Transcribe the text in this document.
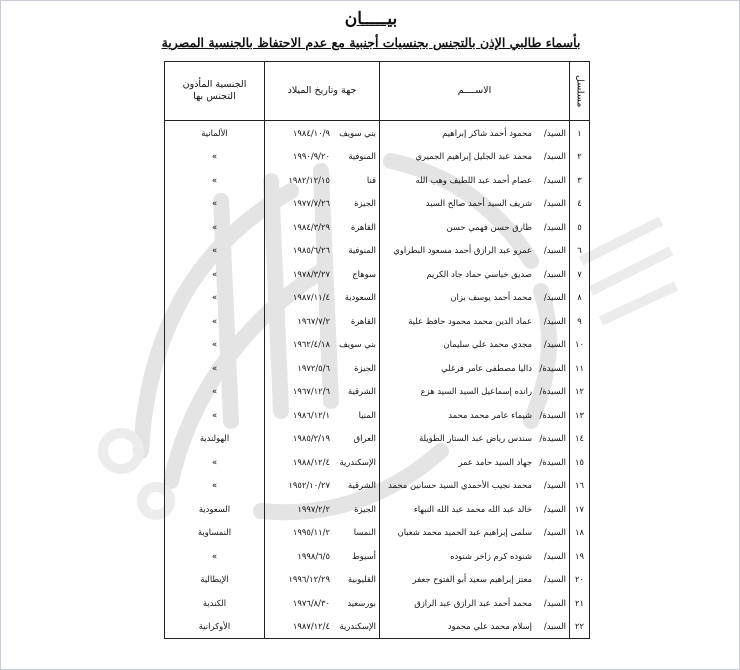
بيـــــان
بأسماء طالبي الإذن بالتجنس بجنسيات أجنبية مع عدم الاحتفاظ بالجنسية المصرية
مسلسل	الاســــم	جهة وتاريخ الميلاد	الجنسية المأذون التجنس بها
١	السيد/محمود أحمد شاكر إبراهيم	بني سويف١٩٨٤/١٠/٩	الألمانية
٢	السيد/محمد عبد الجليل إبراهيم الجميري	المنوفية١٩٩٠/٩/٢٠	»
٣	السيد/عصام أحمد عبد اللطيف وهب الله	قنا١٩٨٢/١٢/١٥	»
٤	السيد/شريف السيد أحمد صالح السيد	الجيزة١٩٧٧/٧/٢٦	»
٥	السيد/طارق حسن فهمي حسن	القاهرة١٩٨٤/٣/٢٩	»
٦	السيد/عمرو عبد الرازق أحمد مسعود البطراوي	المنوفية١٩٨٥/٦/٢٦	»
٧	السيد/صديق خياسي حماد جاد الكريم	سوهاج١٩٧٨/٣/٢٧	»
٨	السيد/محمد أحمد يوسف بزان	السعودية١٩٨٧/١١/٤	»
٩	السيد/عماد الدين محمد محمود حافظ علية	القاهرة١٩٦٧/٧/٢	»
١٠	السيد/مجدي محمد علي سليمان	بني سويف١٩٦٢/٤/١٨	»
١١	السيدة/داليا مصطفى عامر فرغلي	الجيزة١٩٧٢/٥/٦	»
١٢	السيدة/رانده إسماعيل السيد السيد هزع	الشرقية١٩٦٧/١٢/٦	»
١٣	السيدة/شيماء عامر محمد محمد	المنيا١٩٨٦/١٢/١	»
١٤	السيدة/سندس رياض عبد الستار الطويلة	العراق١٩٨٥/٢/١٩	الهولندية
١٥	السيدة/جهاد السيد حامد عمر	الإسكندرية١٩٨٨/١٢/٤	»
١٦	السيد/محمد نجيب الأحمدي السيد حسانين محمد	الشرقية١٩٥٢/١٠/٢٧	»
١٧	السيد/خالد عبد الله محمد عبد الله النبهاء	الجيزة١٩٩٧/٢/٢	السعودية
١٨	السيد/سلمى إبراهيم عبد الحميد محمد شعبان	النمسا١٩٩٥/١١/٢	النمساوية
١٩	السيد/شنوده كرم زاخر شنوده	أسيوط١٩٩٨/٦/٥	»
٢٠	السيد/معتز إبراهيم سعيد أبو الفتوح جعفر	القليوبية١٩٩٦/١٢/٢٩	الإيطالية
٢١	السيد/محمد أحمد عبد الرازق عبد الرازق	بورسعيد١٩٧٦/٨/٣٠	الكندية
٢٢	السيد/إسلام محمد علي محمود	الإسكندرية١٩٨٧/١٢/٤	الأوكرانية
